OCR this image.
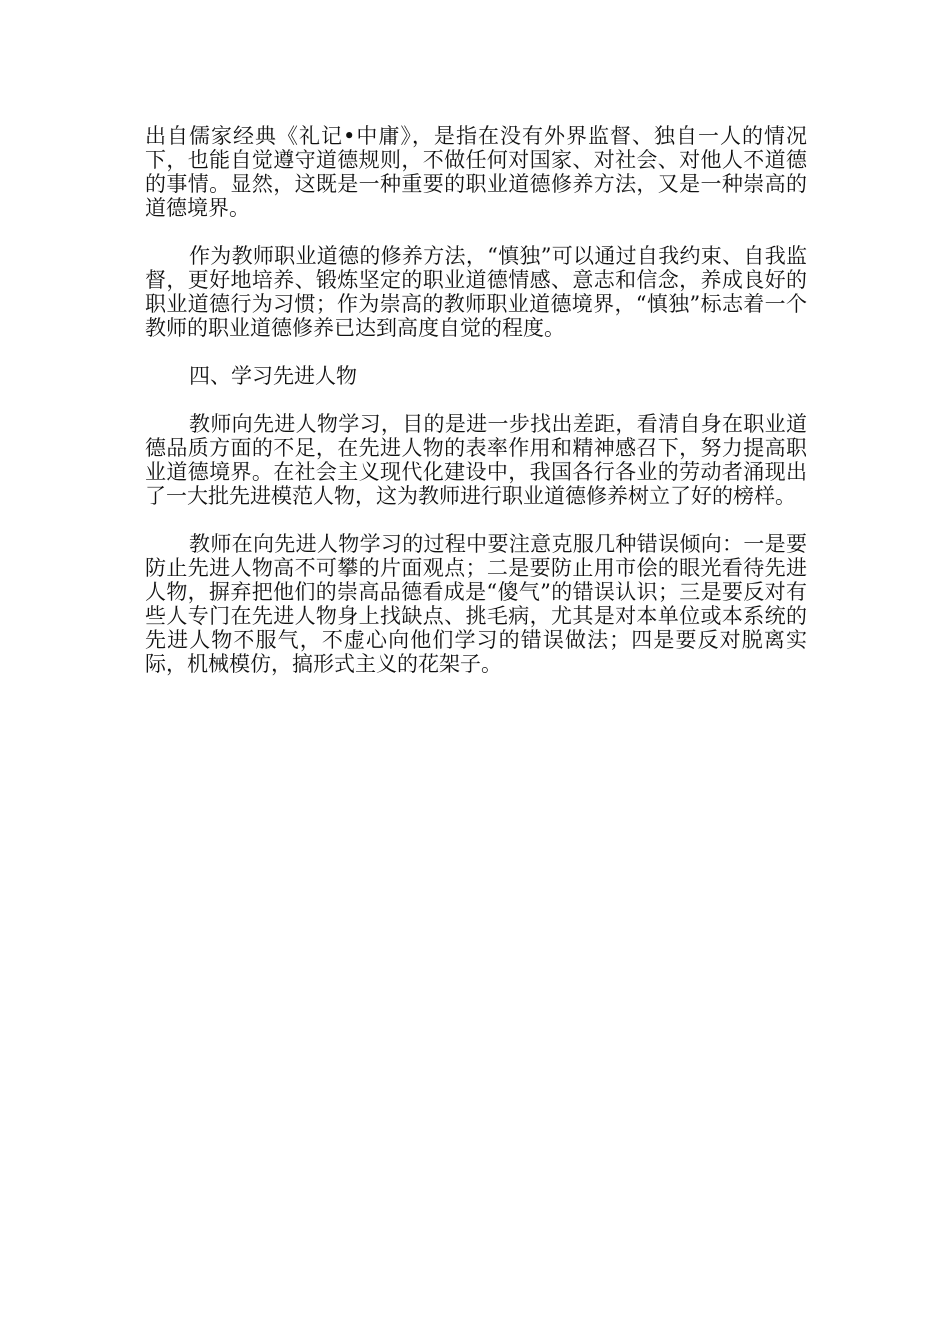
出自儒家经典《礼记•中庸》，是指在没有外界监督、独自一人的情况下，也能自觉遵守道德规则，不做任何对国家、对社会、对他人不道德的事情。显然，这既是一种重要的职业道德修养方法，又是一种崇高的道德境界。

作为教师职业道德的修养方法，“慎独”可以通过自我约束、自我监督，更好地培养、锻炼坚定的职业道德情感、意志和信念，养成良好的职业道德行为习惯；作为崇高的教师职业道德境界，“慎独”标志着一个教师的职业道德修养已达到高度自觉的程度。

四、学习先进人物

教师向先进人物学习，目的是进一步找出差距，看清自身在职业道德品质方面的不足，在先进人物的表率作用和精神感召下，努力提高职业道德境界。在社会主义现代化建设中，我国各行各业的劳动者涌现出了一大批先进模范人物，这为教师进行职业道德修养树立了好的榜样。

教师在向先进人物学习的过程中要注意克服几种错误倾向：一是要防止先进人物高不可攀的片面观点；二是要防止用市侩的眼光看待先进人物，摒弃把他们的崇高品德看成是“傻气”的错误认识；三是要反对有些人专门在先进人物身上找缺点、挑毛病，尤其是对本单位或本系统的先进人物不服气，不虚心向他们学习的错误做法；四是要反对脱离实际，机械模仿，搞形式主义的花架子。
